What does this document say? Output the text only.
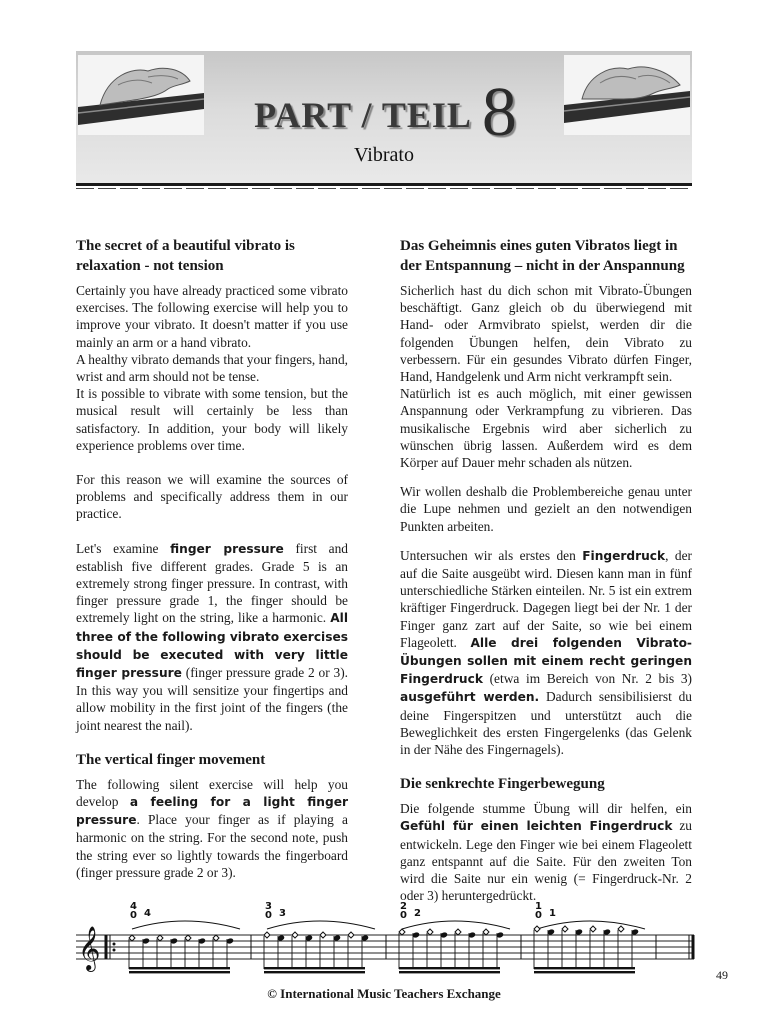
PART / TEIL 8
Vibrato
The secret of a beautiful vibrato is relaxation - not tension

Certainly you have already practiced some vibrato exercises. The following exercise will help you to improve your vibrato. It doesn't matter if you use mainly an arm or a hand vibrato.

A healthy vibrato demands that your fingers, hand, wrist and arm should not be tense.

It is possible to vibrate with some tension, but the musical result will certainly be less than satisfactory. In addition, your body will likely experience problems over time.

For this reason we will examine the sources of problems and specifically address them in our practice.

Let's examine finger pressure first and establish five different grades. Grade 5 is an extremely strong finger pressure. In contrast, with finger pressure grade 1, the finger should be extremely light on the string, like a harmonic. All three of the following vibrato exercises should be executed with very little finger pressure (finger pressure grade 2 or 3). In this way you will sensitize your fingertips and allow mobility in the first joint of the fingers (the joint nearest the nail).

The vertical finger movement

The following silent exercise will help you develop a feeling for a light finger pressure. Place your finger as if playing a harmonic on the string. For the second note, push the string ever so lightly towards the fingerboard (finger pressure grade 2 or 3).

Das Geheimnis eines guten Vibratos liegt in der Entspannung – nicht in der Anspannung

Sicherlich hast du dich schon mit Vibrato-Übungen beschäftigt. Ganz gleich ob du überwiegend mit Hand- oder Armvibrato spielst, werden dir die folgenden Übungen helfen, dein Vibrato zu verbessern. Für ein gesundes Vibrato dürfen Finger, Hand, Handgelenk und Arm nicht verkrampft sein.

Natürlich ist es auch möglich, mit einer gewissen Anspannung oder Verkrampfung zu vibrieren. Das musikalische Ergebnis wird aber sicherlich zu wünschen übrig lassen. Außerdem wird es dem Körper auf Dauer mehr schaden als nützen.

Wir wollen deshalb die Problembereiche genau unter die Lupe nehmen und gezielt an den notwendigen Punkten arbeiten.

Untersuchen wir als erstes den Fingerdruck, der auf die Saite ausgeübt wird. Diesen kann man in fünf unterschiedliche Stärken einteilen. Nr. 5 ist ein extrem kräftiger Fingerdruck. Dagegen liegt bei der Nr. 1 der Finger ganz zart auf der Saite, so wie bei einem Flageolett. Alle drei folgenden Vibrato-Übungen sollen mit einem recht geringen Fingerdruck (etwa im Bereich von Nr. 2 bis 3) ausgeführt werden. Dadurch sensibilisierst du deine Fingerspitzen und unterstützt auch die Beweglichkeit des ersten Fingergelenks (das Gelenk in der Nähe des Fingernagels).

Die senkrechte Fingerbewegung

Die folgende stumme Übung will dir helfen, ein Gefühl für einen leichten Fingerdruck zu entwickeln. Lege den Finger wie bei einem Flageolett ganz entspannt auf die Saite. Für den zweiten Ton wird die Saite nur ein wenig (= Fingerdruck-Nr. 2 oder 3) heruntergedrückt.

𝄞
4
0 4
3
0 3
2
0 2
1
0 1
49
© International Music Teachers Exchange
